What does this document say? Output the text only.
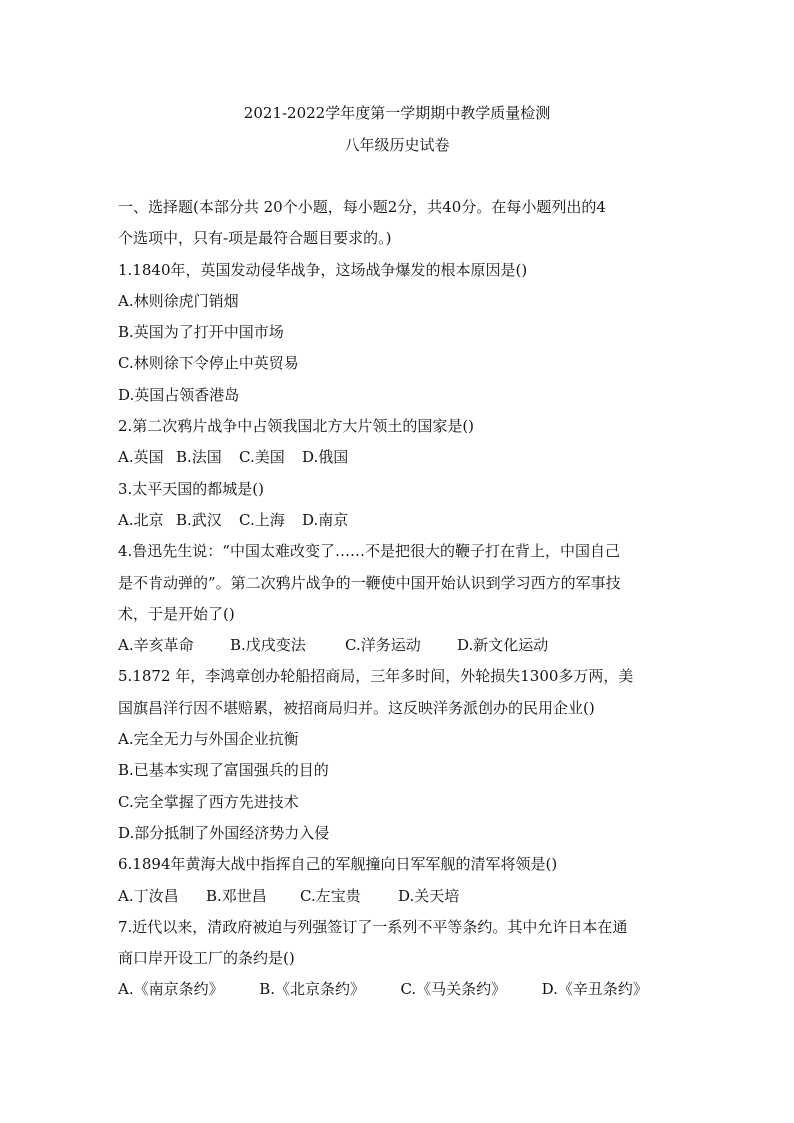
2021-2022学年度第一学期期中教学质量检测
八年级历史试卷
一、选择题(本部分共 20个小题，每小题2分，共40分。在每小题列出的4
个选项中，只有-项是最符合题目要求的。)
1.1840年，英国发动侵华战争，这场战争爆发的根本原因是()
A.林则徐虎门销烟
B.英国为了打开中国市场
C.林则徐下令停止中英贸易
D.英国占领香港岛
2.第二次鸦片战争中占领我国北方大片领土的国家是()
A.英国 B.法国	C.美国	D.俄国
3.太平天国的都城是()
A.北京 B.武汉	C.上海	D.南京
4.鲁迅先生说：“中国太难改变了……不是把很大的鞭子打在背上，中国自己
是不肯动弹的”。第二次鸦片战争的一鞭使中国开始认识到学习西方的军事技
术，于是开始了()
A.辛亥革命	B.戊戌变法	C.洋务运动	D.新文化运动
5.1872 年，李鸿章创办轮船招商局，三年多时间，外轮损失1300多万两，美
国旗昌洋行因不堪赔累，被招商局归并。这反映洋务派创办的民用企业()
A.完全无力与外国企业抗衡
B.已基本实现了富国强兵的目的
C.完全掌握了西方先进技术
D.部分抵制了外国经济势力入侵
6.1894年黄海大战中指挥自己的军舰撞向日军军舰的清军将领是()
A.丁汝昌	B.邓世昌	C.左宝贵	D.关天培
7.近代以来，清政府被迫与列强签订了一系列不平等条约。其中允许日本在通
商口岸开设工厂的条约是()
A.《南京条约》	B.《北京条约》	C.《马关条约》	D.《辛丑条约》
